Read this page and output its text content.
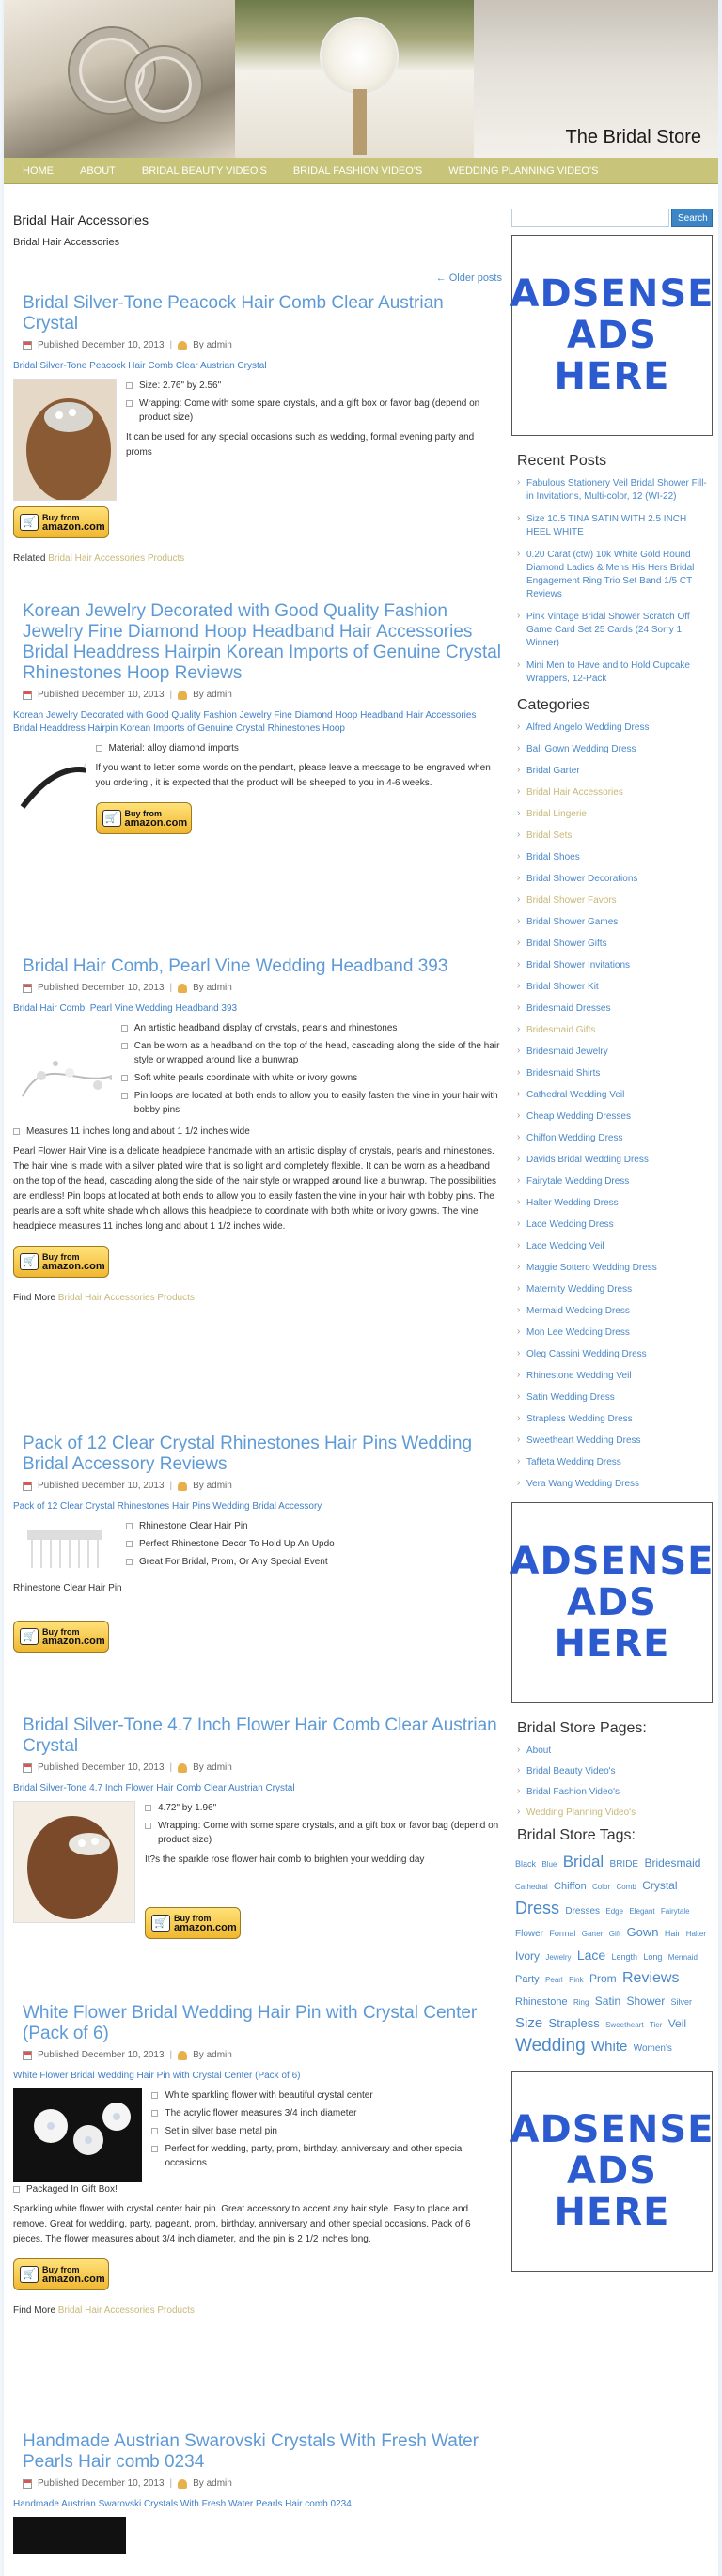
The Bridal Store
HOME	ABOUT	BRIDAL BEAUTY VIDEO'S	BRIDAL FASHION VIDEO'S	WEDDING PLANNING VIDEO'S
Bridal Hair Accessories
Bridal Hair Accessories
← Older posts
Bridal Silver-Tone Peacock Hair Comb Clear Austrian Crystal
Published December 10, 2013 | By admin
Bridal Silver-Tone Peacock Hair Comb Clear Austrian Crystal
Size: 2.76" by 2.56"
Wrapping: Come with some spare crystals, and a gift box or favor bag (depend on product size)
It can be used for any special occasions such as wedding, formal evening party and proms
🛒 Buy from
amazon.com
Related Bridal Hair Accessories Products
Korean Jewelry Decorated with Good Quality Fashion Jewelry Fine Diamond Hoop Headband Hair Accessories Bridal Headdress Hairpin Korean Imports of Genuine Crystal Rhinestones Hoop Reviews
Published December 10, 2013 | By admin
Korean Jewelry Decorated with Good Quality Fashion Jewelry Fine Diamond Hoop Headband Hair Accessories Bridal Headdress Hairpin Korean Imports of Genuine Crystal Rhinestones Hoop
Material: alloy diamond imports
If you want to letter some words on the pendant, please leave a message to be engraved when you ordering , it is expected that the product will be sheeped to you in 4-6 weeks.
🛒 Buy from
amazon.com
Bridal Hair Comb, Pearl Vine Wedding Headband 393
Published December 10, 2013 | By admin
Bridal Hair Comb, Pearl Vine Wedding Headband 393
An artistic headband display of crystals, pearls and rhinestones
Can be worn as a headband on the top of the head, cascading along the side of the hair style or wrapped around like a bunwrap
Soft white pearls coordinate with white or ivory gowns
Pin loops are located at both ends to allow you to easily fasten the vine in your hair with bobby pins
Measures 11 inches long and about 1 1/2 inches wide
Pearl Flower Hair Vine is a delicate headpiece handmade with an artistic display of crystals, pearls and rhinestones. The hair vine is made with a silver plated wire that is so light and completely flexible. It can be worn as a headband on the top of the head, cascading along the side of the hair style or wrapped around like a bunwrap. The possibilities are endless! Pin loops at located at both ends to allow you to easily fasten the vine in your hair with bobby pins. The pearls are a soft white shade which allows this headpiece to coordinate with both white or ivory gowns. The vine headpiece measures 11 inches long and about 1 1/2 inches wide.
🛒 Buy from
amazon.com
Find More Bridal Hair Accessories Products
Pack of 12 Clear Crystal Rhinestones Hair Pins Wedding Bridal Accessory Reviews
Published December 10, 2013 | By admin
Pack of 12 Clear Crystal Rhinestones Hair Pins Wedding Bridal Accessory
Rhinestone Clear Hair Pin
Perfect Rhinestone Decor To Hold Up An Updo
Great For Bridal, Prom, Or Any Special Event
Rhinestone Clear Hair Pin
🛒 Buy from
amazon.com
Bridal Silver-Tone 4.7 Inch Flower Hair Comb Clear Austrian Crystal
Published December 10, 2013 | By admin
Bridal Silver-Tone 4.7 Inch Flower Hair Comb Clear Austrian Crystal
4.72" by 1.96"
Wrapping: Come with some spare crystals, and a gift box or favor bag (depend on product size)
It?s the sparkle rose flower hair comb to brighten your wedding day
🛒 Buy from
amazon.com
White Flower Bridal Wedding Hair Pin with Crystal Center (Pack of 6)
Published December 10, 2013 | By admin
White Flower Bridal Wedding Hair Pin with Crystal Center (Pack of 6)
White sparkling flower with beautiful crystal center
The acrylic flower measures 3/4 inch diameter
Set in silver base metal pin
Perfect for wedding, party, prom, birthday, anniversary and other special occasions
Packaged In Gift Box!
Sparkling white flower with crystal center hair pin. Great accessory to accent any hair style. Easy to place and remove. Great for wedding, party, pageant, prom, birthday, anniversary and other special occasions. Pack of 6 pieces. The flower measures about 3/4 inch diameter, and the pin is 2 1/2 inches long.
🛒 Buy from
amazon.com
Find More Bridal Hair Accessories Products
Handmade Austrian Swarovski Crystals With Fresh Water Pearls Hair comb 0234
Published December 10, 2013 | By admin
Handmade Austrian Swarovski Crystals With Fresh Water Pearls Hair comb 0234
Search
ADSENSE ADS HERE
Recent Posts
› Fabulous Stationery Veil Bridal Shower Fill-in Invitations, Multi-color, 12 (WI-22)
› Size 10.5 TINA SATIN WITH 2.5 INCH HEEL WHITE
› 0.20 Carat (ctw) 10k White Gold Round Diamond Ladies & Mens His Hers Bridal Engagement Ring Trio Set Band 1/5 CT Reviews
› Pink Vintage Bridal Shower Scratch Off Game Card Set 25 Cards (24 Sorry 1 Winner)
› Mini Men to Have and to Hold Cupcake Wrappers, 12-Pack
Categories
› Alfred Angelo Wedding Dress
› Ball Gown Wedding Dress
› Bridal Garter
› Bridal Hair Accessories
› Bridal Lingerie
› Bridal Sets
› Bridal Shoes
› Bridal Shower Decorations
› Bridal Shower Favors
› Bridal Shower Games
› Bridal Shower Gifts
› Bridal Shower Invitations
› Bridal Shower Kit
› Bridesmaid Dresses
› Bridesmaid Gifts
› Bridesmaid Jewelry
› Bridesmaid Shirts
› Cathedral Wedding Veil
› Cheap Wedding Dresses
› Chiffon Wedding Dress
› Davids Bridal Wedding Dress
› Fairytale Wedding Dress
› Halter Wedding Dress
› Lace Wedding Dress
› Lace Wedding Veil
› Maggie Sottero Wedding Dress
› Maternity Wedding Dress
› Mermaid Wedding Dress
› Mon Lee Wedding Dress
› Oleg Cassini Wedding Dress
› Rhinestone Wedding Veil
› Satin Wedding Dress
› Strapless Wedding Dress
› Sweetheart Wedding Dress
› Taffeta Wedding Dress
› Vera Wang Wedding Dress
ADSENSE ADS HERE
Bridal Store Pages:
› About
› Bridal Beauty Video's
› Bridal Fashion Video's
› Wedding Planning Video's
Bridal Store Tags:
Black Blue Bridal BRIDE Bridesmaid Cathedral Chiffon Color Comb Crystal Dress Dresses Edge Elegant Fairytale Flower Formal Garter Gift Gown Hair Halter Ivory Jewelry Lace Length Long Mermaid Party Pearl Pink Prom Reviews Rhinestone Ring Satin Shower Silver Size Strapless Sweetheart Tier Veil Wedding White Women's
ADSENSE ADS HERE
